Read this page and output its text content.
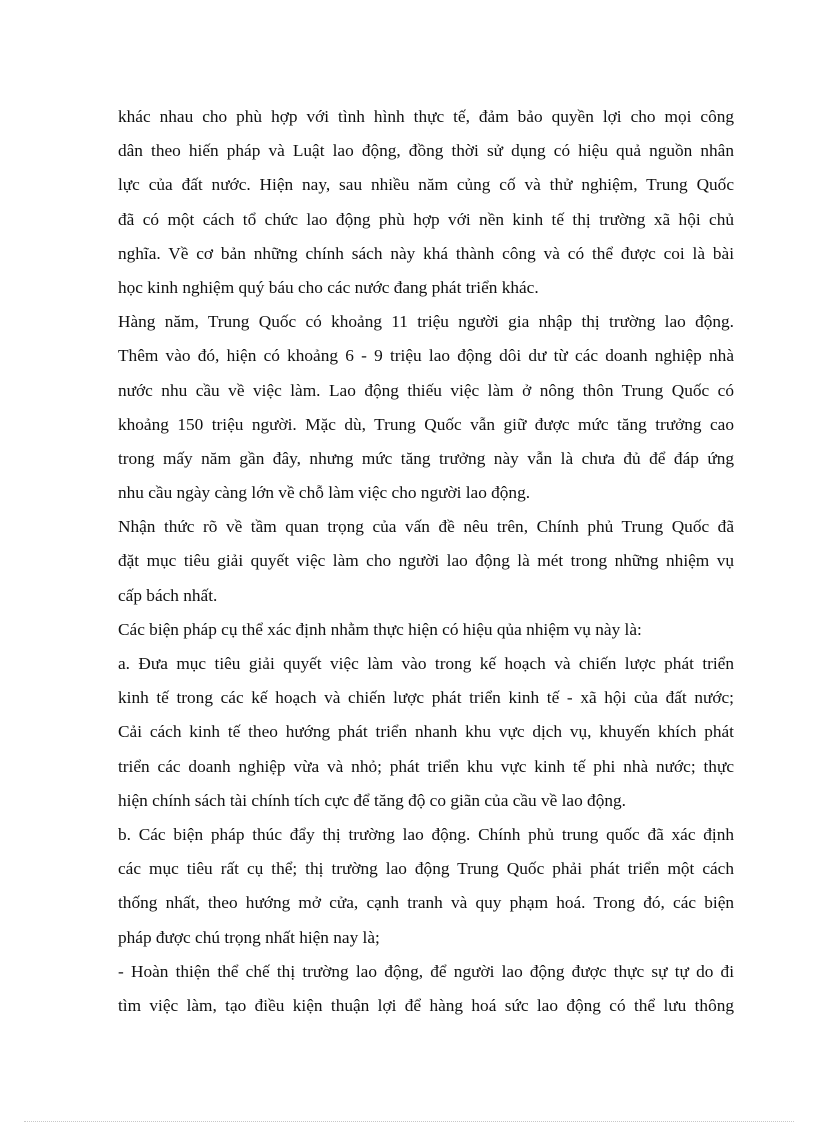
khác nhau cho phù hợp với tình hình thực tế, đảm bảo quyền lợi cho mọi công
dân theo hiến pháp và Luật lao động, đồng thời sử dụng có hiệu quả nguồn nhân
lực của đất nước. Hiện nay, sau nhiều năm củng cố và thử nghiệm, Trung Quốc
đã có một cách tổ chức lao động phù hợp với nền kinh tế thị trường xã hội chủ
nghĩa. Về cơ bản những chính sách này khá thành công và có thể được coi là bài
học kinh nghiệm quý báu cho các nước đang phát triển khác.
Hàng năm, Trung Quốc có khoảng 11 triệu người gia nhập thị trường lao động.
Thêm vào đó, hiện có khoảng 6 - 9 triệu lao động dôi dư từ các doanh nghiệp nhà
nước nhu cầu về việc làm. Lao động thiếu việc làm ở nông thôn Trung Quốc có
khoảng 150 triệu người. Mặc dù, Trung Quốc vẫn giữ được mức tăng trưởng cao
trong mấy năm gần đây, nhưng mức tăng trưởng này vẫn là chưa đủ để đáp ứng
nhu cầu ngày càng lớn về chỗ làm việc cho người lao động.
Nhận thức rõ về tầm quan trọng của vấn đề nêu trên, Chính phủ Trung Quốc đã
đặt mục tiêu giải quyết việc làm cho người lao động là mét trong những nhiệm vụ
cấp bách nhất.
Các biện pháp cụ thể xác định nhằm thực hiện có hiệu qủa nhiệm vụ này là:
a. Đưa mục tiêu giải quyết việc làm vào trong kế hoạch và chiến lược phát triển
kinh tế trong các kế hoạch và chiến lược phát triển kinh tế - xã hội của đất nước;
Cải cách kinh tế theo hướng phát triển nhanh khu vực dịch vụ, khuyến khích phát
triển các doanh nghiệp vừa và nhỏ; phát triển khu vực kinh tế phi nhà nước; thực
hiện chính sách tài chính tích cực để tăng độ co giãn của cầu về lao động.
b. Các biện pháp thúc đẩy thị trường lao động. Chính phủ trung quốc đã xác định
các mục tiêu rất cụ thể; thị trường lao động Trung Quốc phải phát triển một cách
thống nhất, theo hướng mở cửa, cạnh tranh và quy phạm hoá. Trong đó, các biện
pháp được chú trọng nhất hiện nay là;
- Hoàn thiện thể chế thị trường lao động, để người lao động được thực sự tự do đi
tìm việc làm, tạo điều kiện thuận lợi để hàng hoá sức lao động có thể lưu thông
